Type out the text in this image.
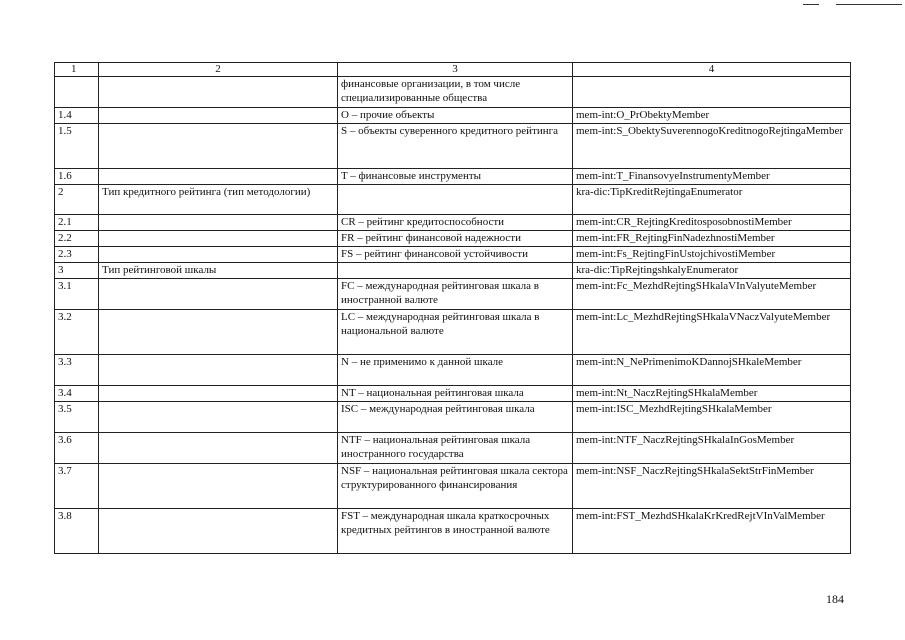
1	2	3	4
		финансовые организации, в том числе специализированные общества	
1.4		O – прочие объекты	mem-int:O_PrObektyMember
1.5		S – объекты суверенного кредитного рейтинга	mem-int:S_ObektySuverennogoKreditnogoRejtingaMember
1.6		T – финансовые инструменты	mem-int:T_FinansovyeInstrumentyMember
2	Тип кредитного рейтинга (тип методологии)		kra-dic:TipKreditRejtingaEnumerator
2.1		CR – рейтинг кредитоспособности	mem-int:CR_RejtingKreditosposobnostiMember
2.2		FR – рейтинг финансовой надежности	mem-int:FR_RejtingFinNadezhnostiMember
2.3		FS – рейтинг финансовой устойчивости	mem-int:Fs_RejtingFinUstojchivostiMember
3	Тип рейтинговой шкалы		kra-dic:TipRejtingshkalyEnumerator
3.1		FC – международная рейтинговая шкала в иностранной валюте	mem-int:Fc_MezhdRejtingSHkalaVInValyuteMember
3.2		LC – международная рейтинговая шкала в национальной валюте	mem-int:Lc_MezhdRejtingSHkalaVNaczValyuteMember
3.3		N – не применимо к данной шкале	mem-int:N_NePrimenimoKDannojSHkaleMember
3.4		NT – национальная рейтинговая шкала	mem-int:Nt_NaczRejtingSHkalaMember
3.5		ISC – международная рейтинговая шкала	mem-int:ISC_MezhdRejtingSHkalaMember
3.6		NTF – национальная рейтинговая шкала иностранного государства	mem-int:NTF_NaczRejtingSHkalaInGosMember
3.7		NSF – национальная рейтинговая шкала сектора структурированного финансирования	mem-int:NSF_NaczRejtingSHkalaSektStrFinMember
3.8		FST – международная шкала краткосрочных кредитных рейтингов в иностранной валюте	mem-int:FST_MezhdSHkalaKrKredRejtVInValMember
184
